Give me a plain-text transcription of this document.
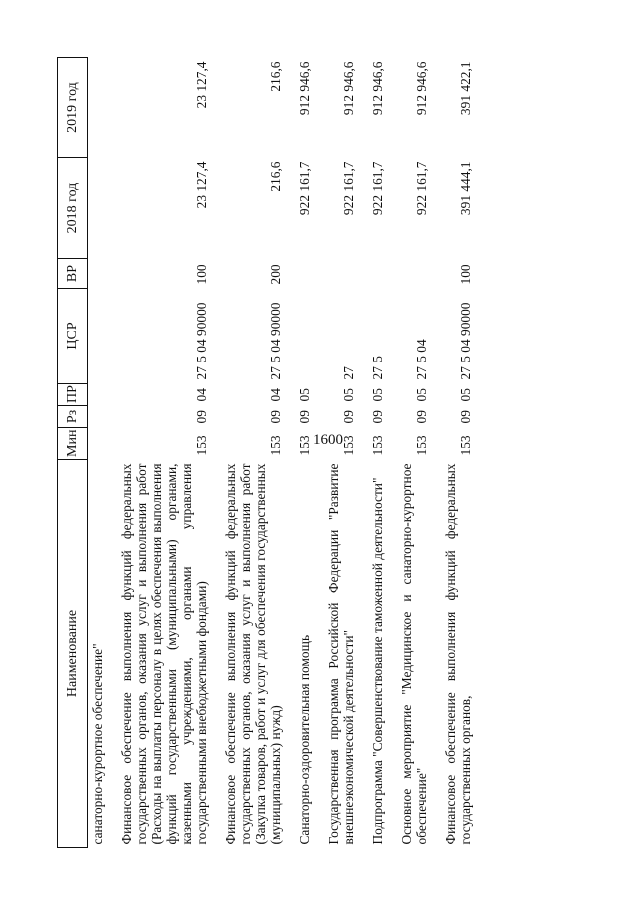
1600
Наименование	Мин	Рз	ПР	ЦСР	ВР	2018 год	2019 год
санаторно-курортное обеспечение"							
Финансовое обеспечение выполнения функций федеральных государственных органов, оказания услуг и выполнения работ (Расходы на выплаты персоналу в целях обеспечения выполнения функций государственными (муниципальными) органами, казенными учреждениями, органами управления государственными внебюджетными фондами)	153	09	04	27 5 04 90000	100	23 127,4	23 127,4
Финансовое обеспечение выполнения функций федеральных государственных органов, оказания услуг и выполнения работ (Закупка товаров, работ и услуг для обеспечения государственных (муниципальных) нужд)	153	09	04	27 5 04 90000	200	216,6	216,6
Санаторно-оздоровительная помощь	153	09	05			922 161,7	912 946,6
Государственная программа Российской Федерации "Развитие внешнеэкономической деятельности"	153	09	05	27		922 161,7	912 946,6
Подпрограмма "Совершенствование таможенной деятельности"	153	09	05	27 5		922 161,7	912 946,6
Основное мероприятие "Медицинское и санаторно-курортное обеспечение"	153	09	05	27 5 04		922 161,7	912 946,6
Финансовое обеспечение выполнения функций федеральных государственных органов,	153	09	05	27 5 04 90000	100	391 444,1	391 422,1
